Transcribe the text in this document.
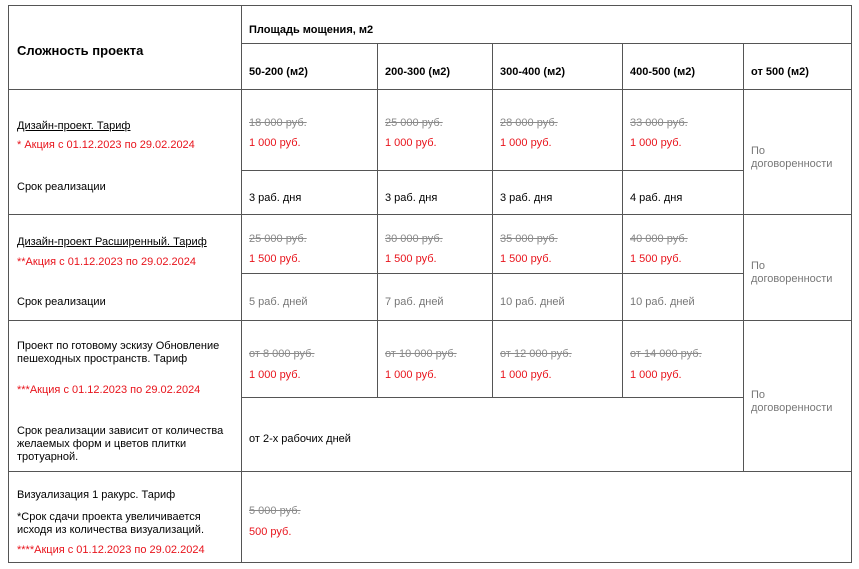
Сложность проекта
Площадь мощения, м2
50-200 (м2)	200-300 (м2)	300-400 (м2)	400-500 (м2)	от 500 (м2)
Дизайн-проект. Тариф
* Акция с 01.12.2023 по 29.02.2024
Срок реализации
18 000 руб.	25 000 руб.	28 000 руб.	33 000 руб.
1 000 руб.	1 000 руб.	1 000 руб.	1 000 руб.
3 раб. дня	3 раб. дня	3 раб. дня	4 раб. дня
По договоренности
Дизайн-проект Расширенный. Тариф
**Акция с 01.12.2023 по 29.02.2024
Срок реализации
25 000 руб.	30 000 руб.	35 000 руб.	40 000 руб.
1 500 руб.	1 500 руб.	1 500 руб.	1 500 руб.
5 раб. дней	7 раб. дней	10 раб. дней	10 раб. дней
По договоренности
Проект по готовому эскизу Обновление пешеходных пространств. Тариф
***Акция с 01.12.2023 по 29.02.2024
Срок реализации зависит от количества желаемых форм и цветов плитки тротуарной.
от 8 000 руб.	от 10 000 руб.	от 12 000 руб.	от 14 000 руб.
1 000 руб.	1 000 руб.	1 000 руб.	1 000 руб.
от 2-х рабочих дней
По договоренности
Визуализация 1 ракурс. Тариф
*Срок сдачи проекта увеличивается исходя из количества визуализаций.
****Акция с 01.12.2023 по 29.02.2024
5 000 руб.
500 руб.
